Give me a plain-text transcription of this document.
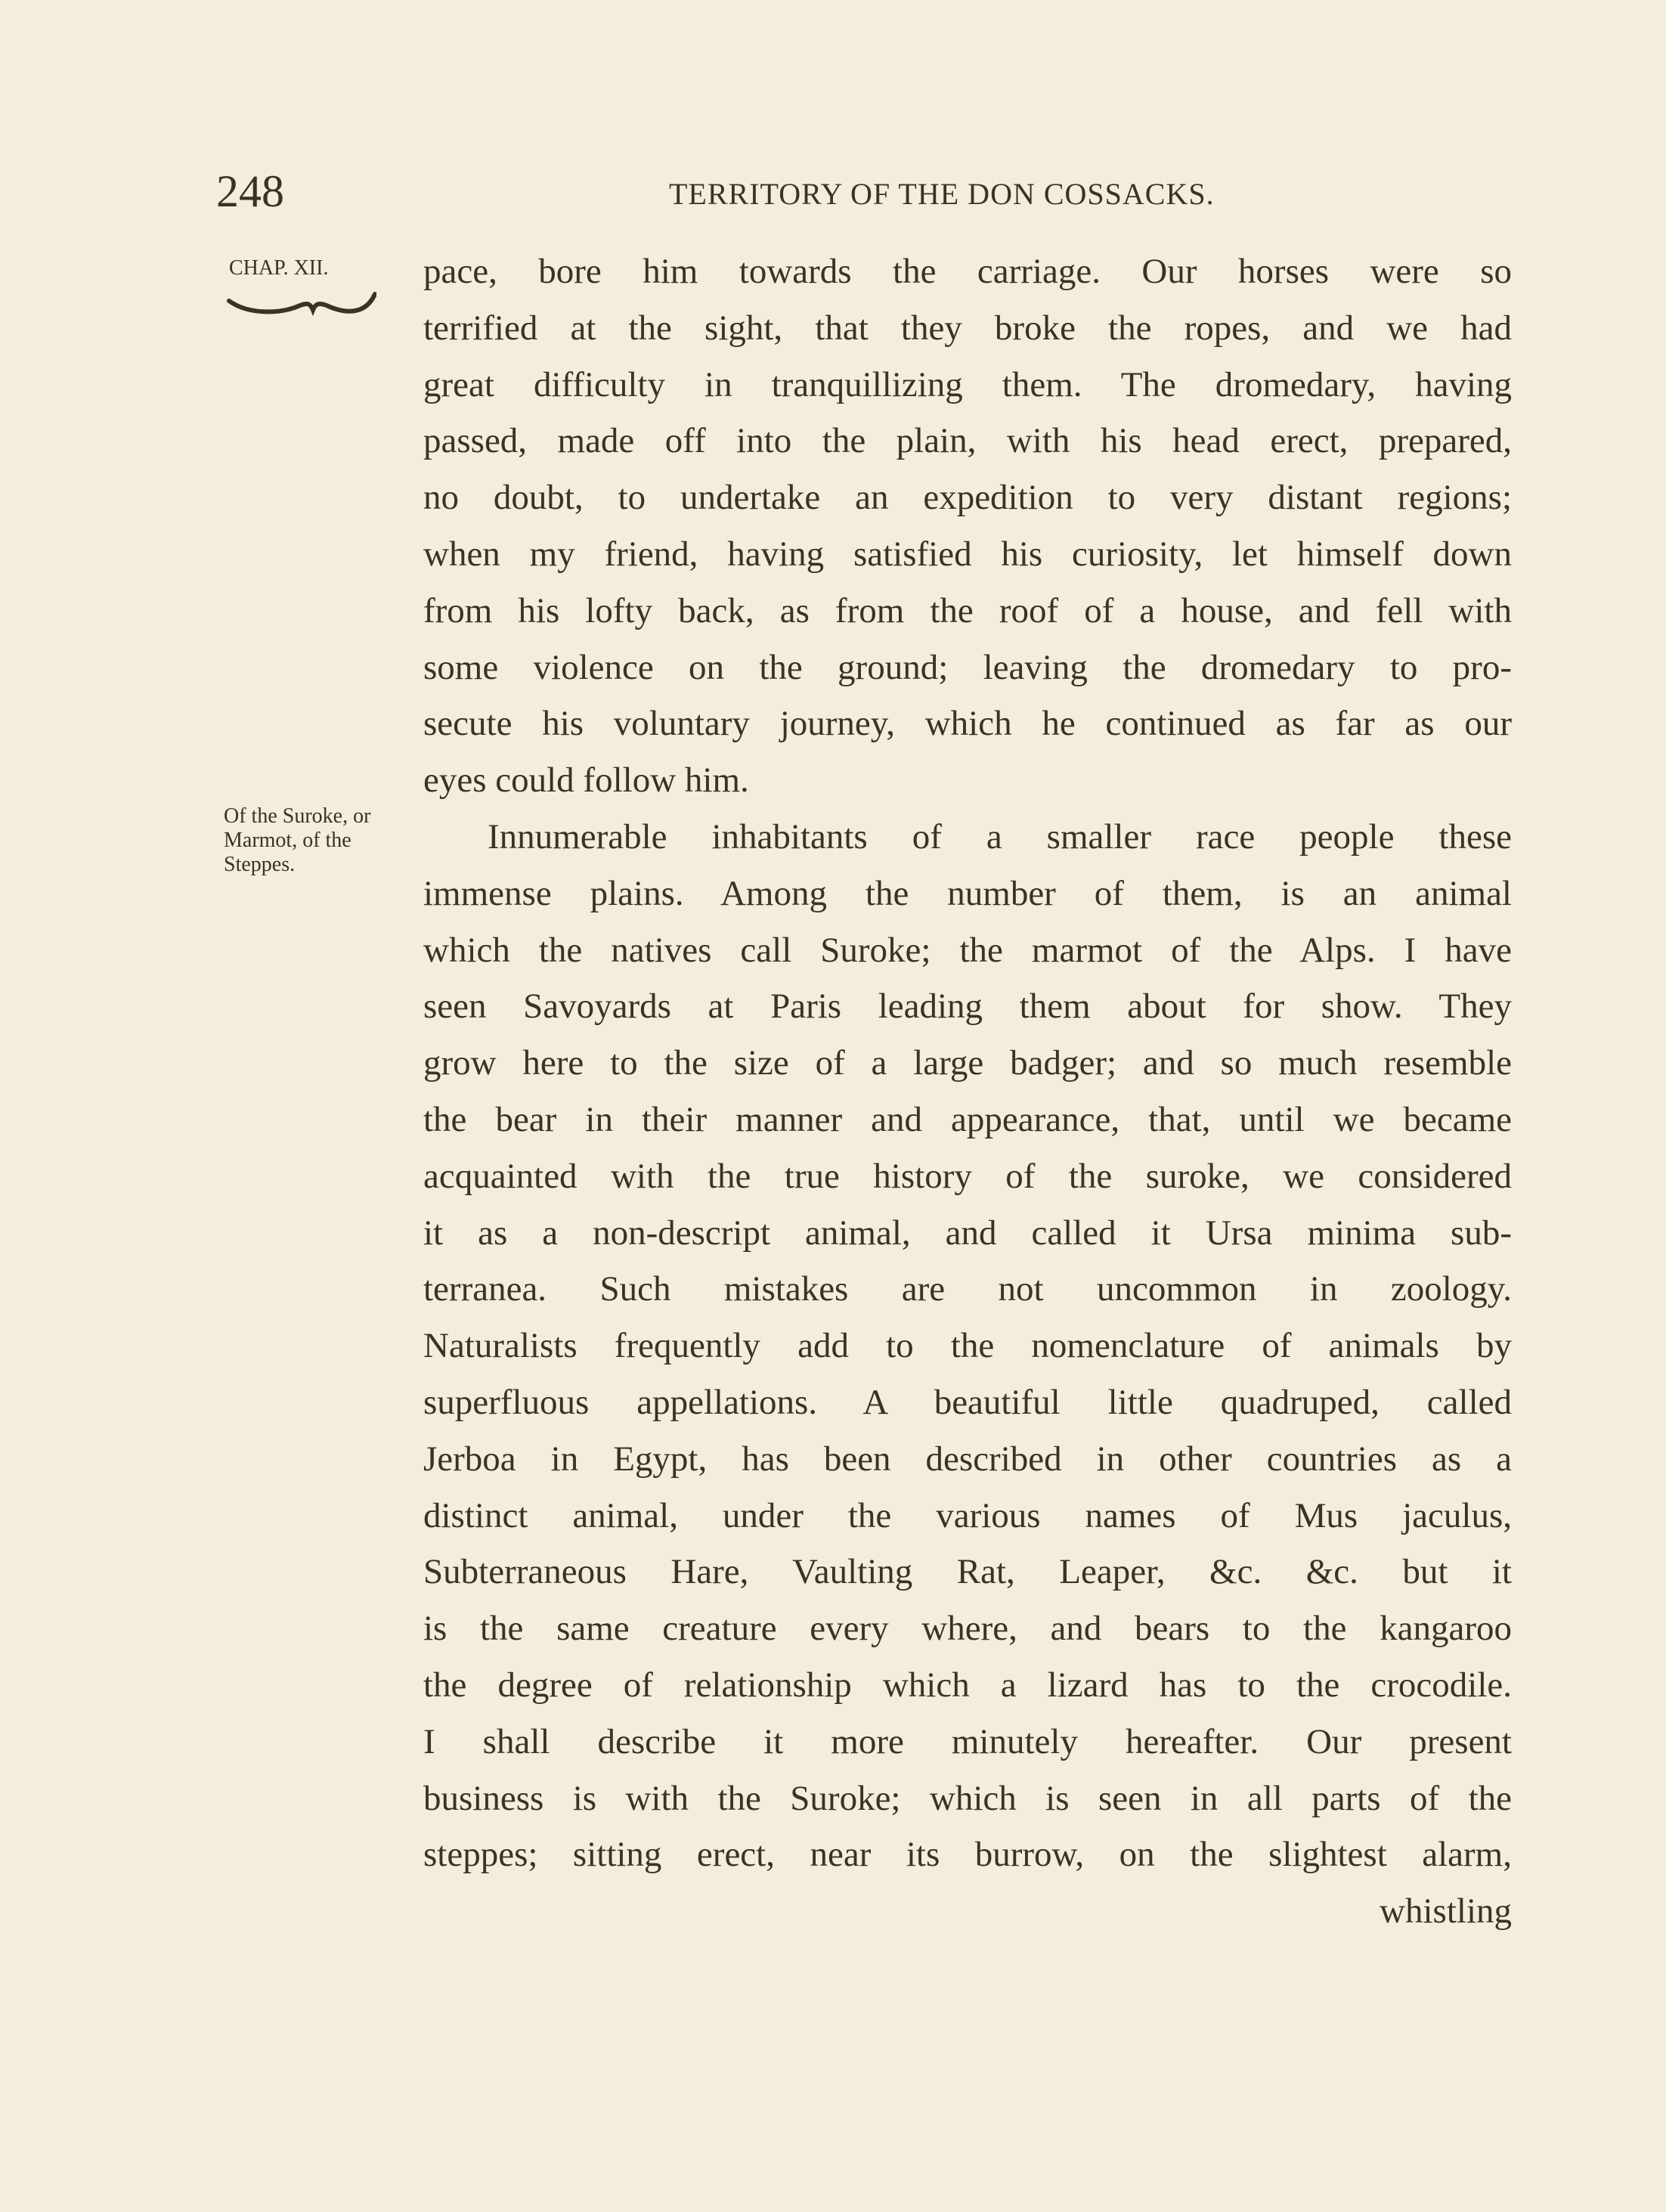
248	TERRITORY OF THE DON COSSACKS.
CHAP. XII.
Of the Suroke, or Marmot, of the Steppes.
pace, bore him towards the carriage. Our horses were so
terrified at the sight, that they broke the ropes, and we had
great difficulty in tranquillizing them. The dromedary, having
passed, made off into the plain, with his head erect, prepared,
no doubt, to undertake an expedition to very distant regions;
when my friend, having satisfied his curiosity, let himself down
from his lofty back, as from the roof of a house, and fell with
some violence on the ground; leaving the dromedary to pro-
secute his voluntary journey, which he continued as far as our
eyes could follow him.
Innumerable inhabitants of a smaller race people these
immense plains. Among the number of them, is an animal
which the natives call Suroke; the marmot of the Alps. I have
seen Savoyards at Paris leading them about for show. They
grow here to the size of a large badger; and so much resemble
the bear in their manner and appearance, that, until we became
acquainted with the true history of the suroke, we considered
it as a non-descript animal, and called it Ursa minima sub-
terranea. Such mistakes are not uncommon in zoology.
Naturalists frequently add to the nomenclature of animals by
superfluous appellations. A beautiful little quadruped, called
Jerboa in Egypt, has been described in other countries as a
distinct animal, under the various names of Mus jaculus,
Subterraneous Hare, Vaulting Rat, Leaper, &c. &c. but it
is the same creature every where, and bears to the kangaroo
the degree of relationship which a lizard has to the crocodile.
I shall describe it more minutely hereafter. Our present
business is with the Suroke; which is seen in all parts of the
steppes; sitting erect, near its burrow, on the slightest alarm,
whistling
